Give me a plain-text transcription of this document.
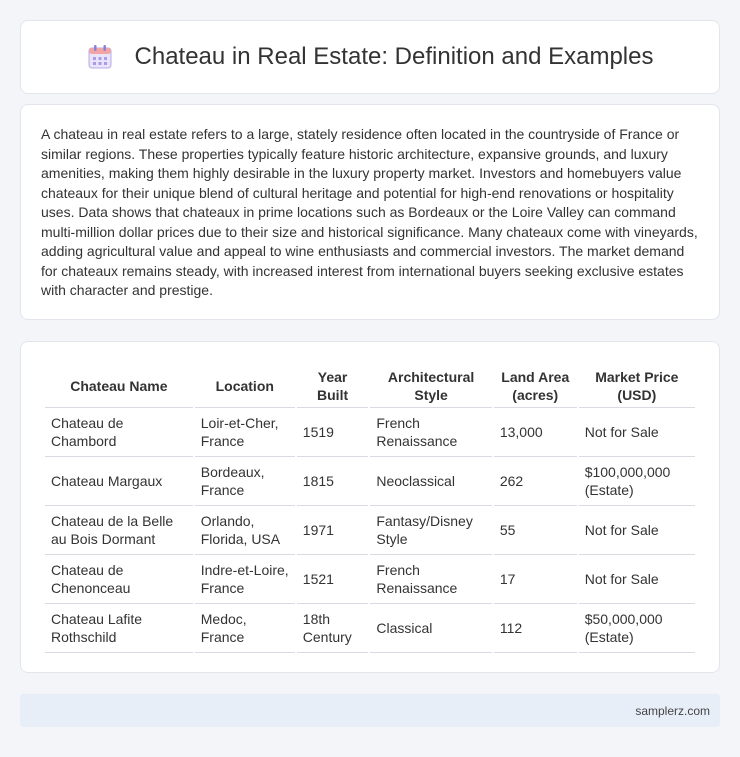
Chateau in Real Estate: Definition and Examples

A chateau in real estate refers to a large, stately residence often located in the countryside of France or similar regions. These properties typically feature historic architecture, expansive grounds, and luxury amenities, making them highly desirable in the luxury property market. Investors and homebuyers value chateaux for their unique blend of cultural heritage and potential for high-end renovations or hospitality uses. Data shows that chateaux in prime locations such as Bordeaux or the Loire Valley can command multi-million dollar prices due to their size and historical significance. Many chateaux come with vineyards, adding agricultural value and appeal to wine enthusiasts and commercial investors. The market demand for chateaux remains steady, with increased interest from international buyers seeking exclusive estates with character and prestige.

Chateau Name	Location	Year Built	Architectural Style	Land Area (acres)	Market Price (USD)
Chateau de Chambord	Loir-et-Cher, France	1519	French Renaissance	13,000	Not for Sale
Chateau Margaux	Bordeaux, France	1815	Neoclassical	262	$100,000,000 (Estate)
Chateau de la Belle au Bois Dormant	Orlando, Florida, USA	1971	Fantasy/Disney Style	55	Not for Sale
Chateau de Chenonceau	Indre-et-Loire, France	1521	French Renaissance	17	Not for Sale
Chateau Lafite Rothschild	Medoc, France	18th Century	Classical	112	$50,000,000 (Estate)
samplerz.com
